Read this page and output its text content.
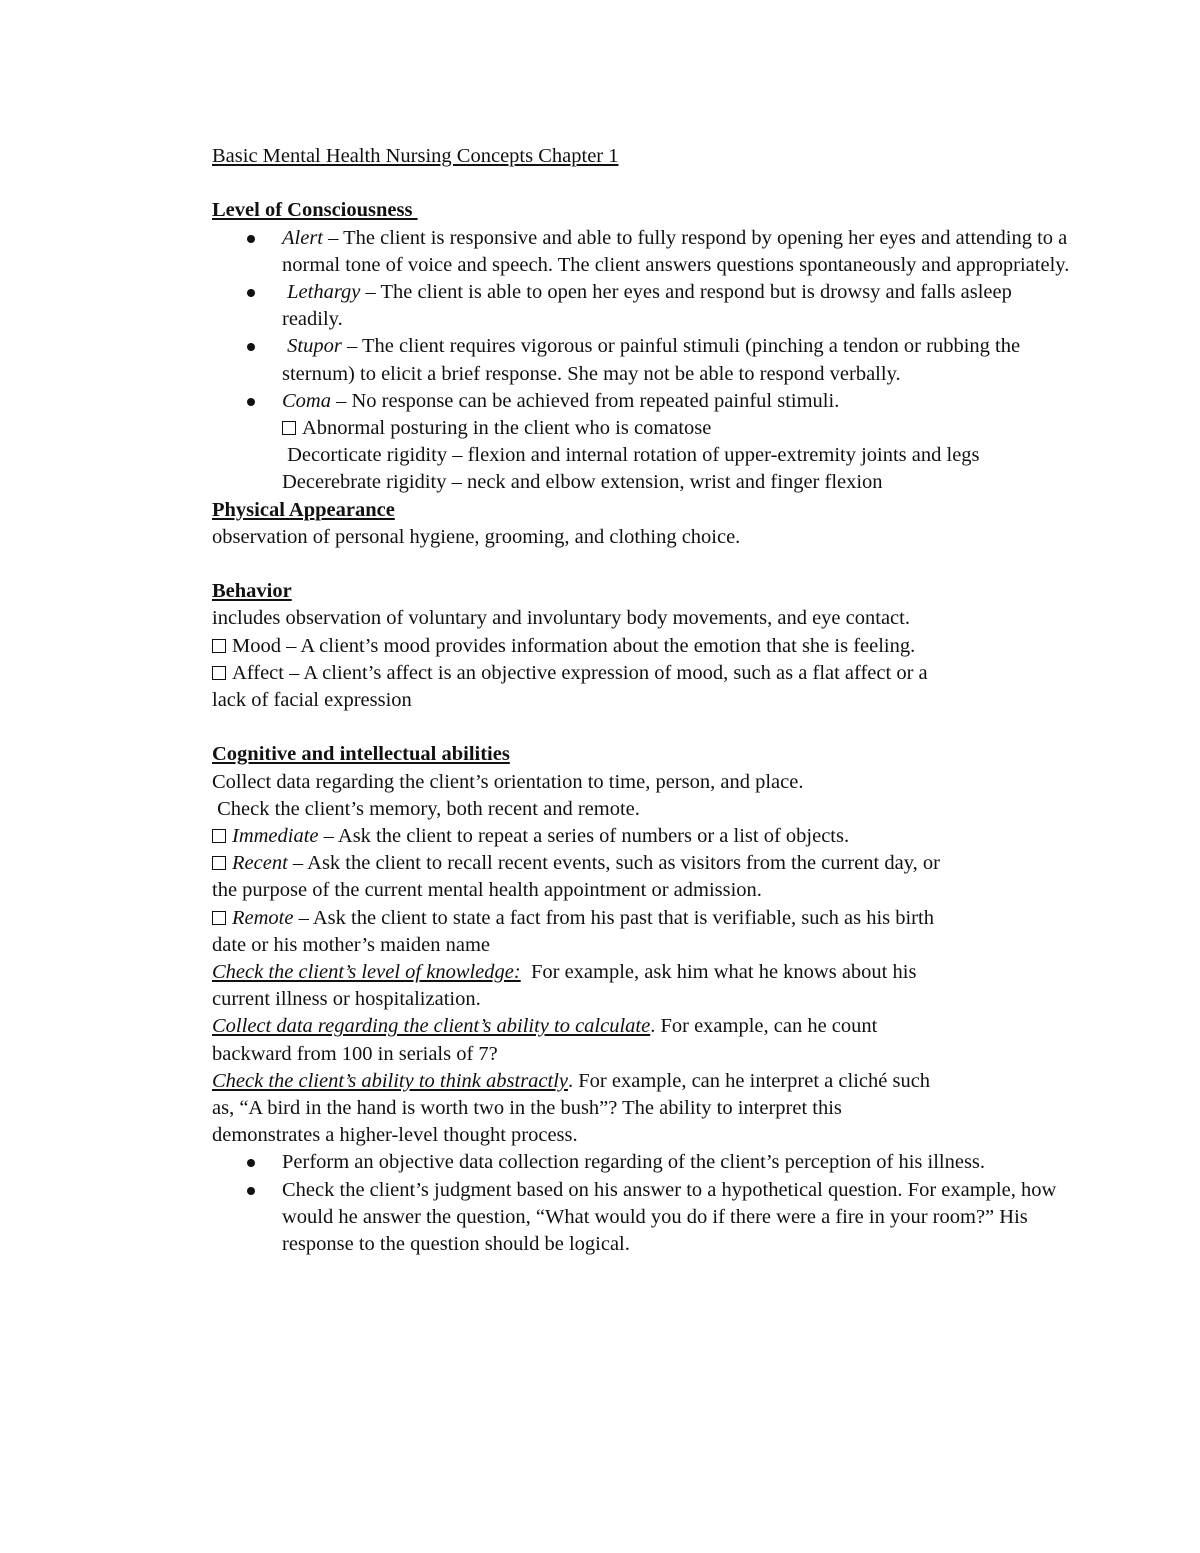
Basic Mental Health Nursing Concepts Chapter 1

Level of Consciousness

Alert – The client is responsive and able to fully respond by opening her eyes and attending to a normal tone of voice and speech. The client answers questions spontaneously and appropriately.
Lethargy – The client is able to open her eyes and respond but is drowsy and falls asleep readily.
Stupor – The client requires vigorous or painful stimuli (pinching a tendon or rubbing the sternum) to elicit a brief response. She may not be able to respond verbally.
Coma – No response can be achieved from repeated painful stimuli.

Abnormal posturing in the client who is comatose

Decorticate rigidity – flexion and internal rotation of upper-extremity joints and legs

Decerebrate rigidity – neck and elbow extension, wrist and finger flexion

Physical Appearance

observation of personal hygiene, grooming, and clothing choice.

Behavior

includes observation of voluntary and involuntary body movements, and eye contact.

Mood – A client’s mood provides information about the emotion that she is feeling.

Affect – A client’s affect is an objective expression of mood, such as a flat affect or a

lack of facial expression

Cognitive and intellectual abilities

Collect data regarding the client’s orientation to time, person, and place.

Check the client’s memory, both recent and remote.

Immediate – Ask the client to repeat a series of numbers or a list of objects.

Recent – Ask the client to recall recent events, such as visitors from the current day, or

the purpose of the current mental health appointment or admission.

Remote – Ask the client to state a fact from his past that is verifiable, such as his birth

date or his mother’s maiden name

Check the client’s level of knowledge:  For example, ask him what he knows about his

current illness or hospitalization.

Collect data regarding the client’s ability to calculate. For example, can he count

backward from 100 in serials of 7?

Check the client’s ability to think abstractly. For example, can he interpret a cliché such

as, “A bird in the hand is worth two in the bush”? The ability to interpret this

demonstrates a higher-level thought process.

Perform an objective data collection regarding of the client’s perception of his illness.
Check the client’s judgment based on his answer to a hypothetical question. For example, how would he answer the question, “What would you do if there were a fire in your room?” His response to the question should be logical.
